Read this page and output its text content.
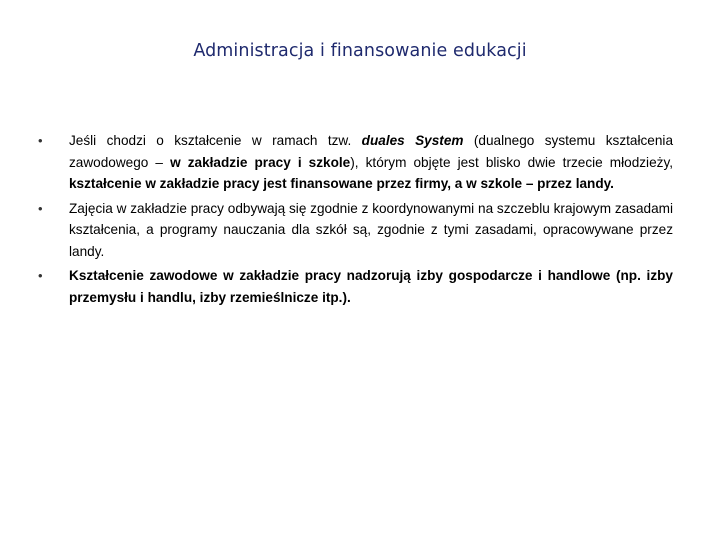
Administracja i finansowanie edukacji
•	Jeśli chodzi o kształcenie w ramach tzw. duales System (dualnego systemu kształcenia zawodowego – w zakładzie pracy i szkole), którym objęte jest blisko dwie trzecie młodzieży, kształcenie w zakładzie pracy jest finansowane przez firmy, a w szkole – przez landy.
•	Zajęcia w zakładzie pracy odbywają się zgodnie z koordynowanymi na szczeblu krajowym zasadami kształcenia, a programy nauczania dla szkół są, zgodnie z tymi zasadami, opracowywane przez landy.
•	Kształcenie zawodowe w zakładzie pracy nadzorują izby gospodarcze i handlowe (np. izby przemysłu i handlu, izby rzemieślnicze itp.).
